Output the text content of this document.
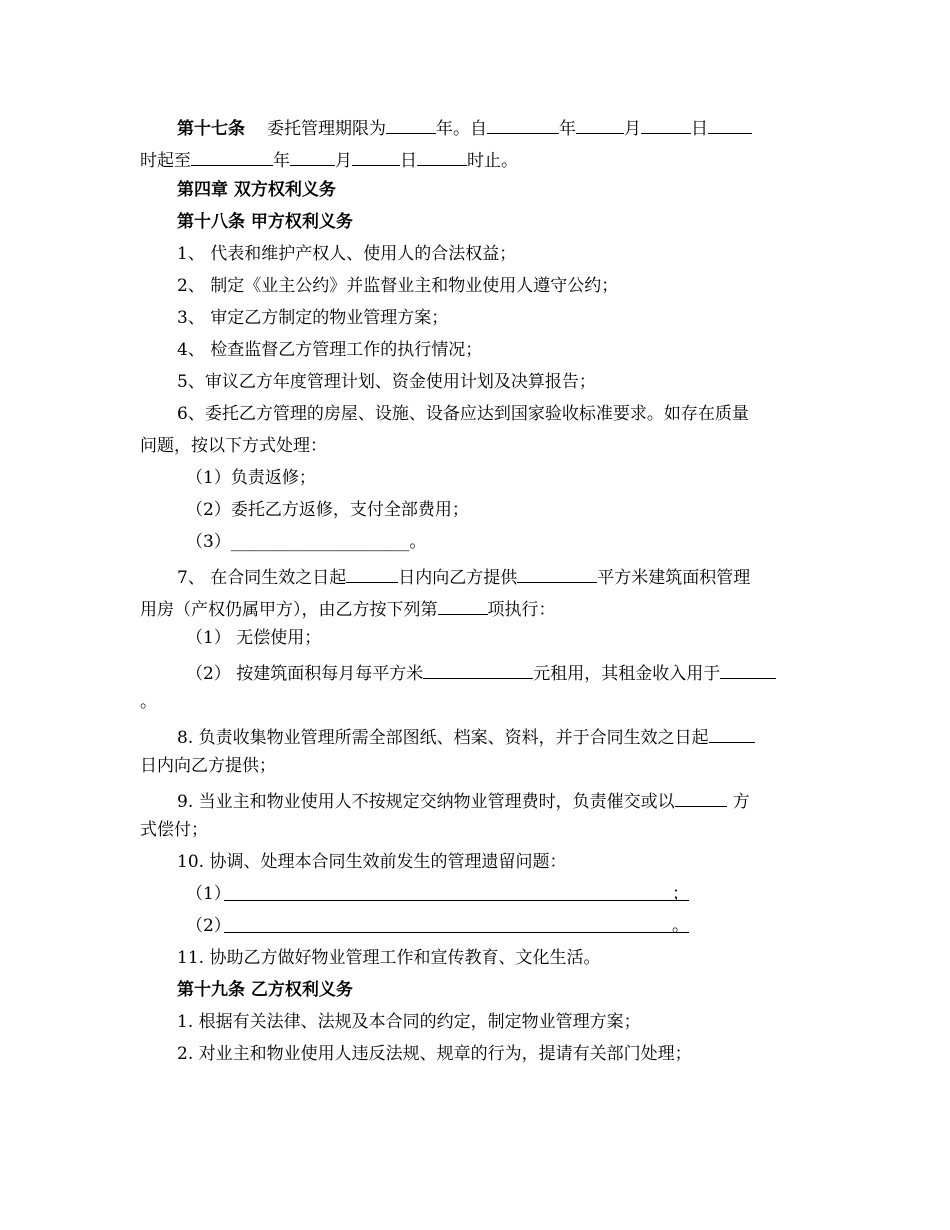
第十七条 委托管理期限为	年。自	年	月	日
时起至	年	月	日	时止。
第四章 双方权利义务
第十八条 甲方权利义务
1、 代表和维护产权人、使用人的合法权益；
2、 制定《业主公约》并监督业主和物业使用人遵守公约；
3、 审定乙方制定的物业管理方案；
4、 检查监督乙方管理工作的执行情况；
5、审议乙方年度管理计划、资金使用计划及决算报告；
6、委托乙方管理的房屋、设施、设备应达到国家验收标准要求。如存在质量
问题，按以下方式处理：
（1）负责返修；
（2）委托乙方返修，支付全部费用；
（3）_____________________。
7、 在合同生效之日起	日内向乙方提供	平方米建筑面积管理
用房（产权仍属甲方），由乙方按下列第	项执行：
（1） 无偿使用；
（2） 按建筑面积每月每平方米	元租用，其租金收入用于
。
8. 负责收集物业管理所需全部图纸、档案、资料，并于合同生效之日起
日内向乙方提供；
9. 当业主和物业使用人不按规定交纳物业管理费时，负责催交或以	方
式偿付；
10. 协调、处理本合同生效前发生的管理遗留问题：
（1）	；
（2）	。
11. 协助乙方做好物业管理工作和宣传教育、文化生活。
第十九条 乙方权利义务
1. 根据有关法律、法规及本合同的约定，制定物业管理方案；
2. 对业主和物业使用人违反法规、规章的行为，提请有关部门处理；
